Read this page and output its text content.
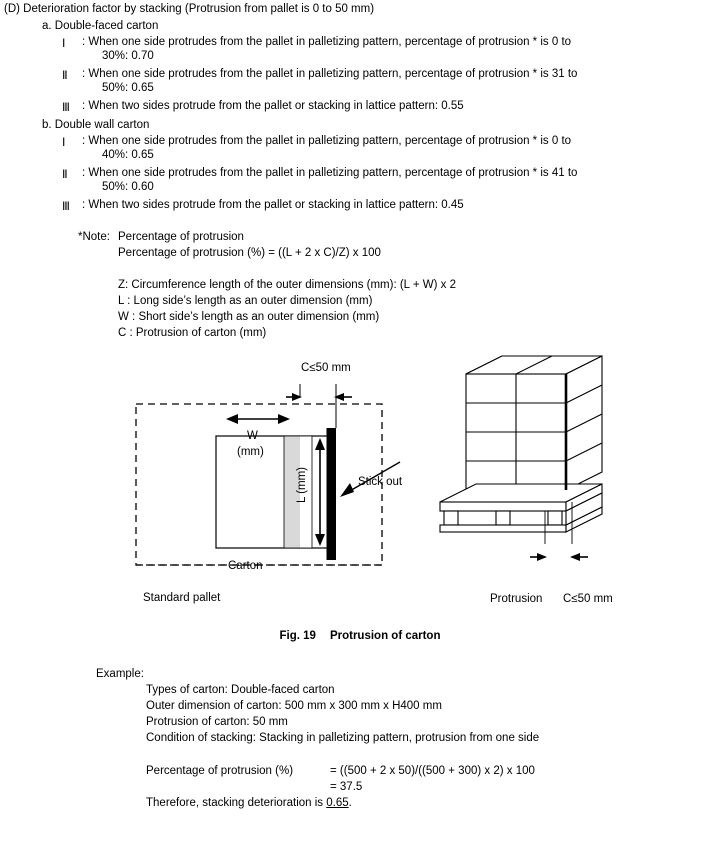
(D) Deterioration factor by stacking (Protrusion from pallet is 0 to 50 mm)
a. Double-faced carton
Ⅰ : When one side protrudes from the pallet in palletizing pattern, percentage of protrusion * is 0 to
30%: 0.70
Ⅱ : When one side protrudes from the pallet in palletizing pattern, percentage of protrusion * is 31 to
50%: 0.65
Ⅲ : When two sides protrude from the pallet or stacking in lattice pattern: 0.55
b. Double wall carton
Ⅰ : When one side protrudes from the pallet in palletizing pattern, percentage of protrusion * is 0 to
40%: 0.65
Ⅱ : When one side protrudes from the pallet in palletizing pattern, percentage of protrusion * is 41 to
50%: 0.60
Ⅲ : When two sides protrude from the pallet or stacking in lattice pattern: 0.45
*Note: Percentage of protrusion
Percentage of protrusion (%) = ((L + 2 x C)/Z) x 100
Z: Circumference length of the outer dimensions (mm): (L + W) x 2
L : Long side’s length as an outer dimension (mm)
W : Short side’s length as an outer dimension (mm)
C : Protrusion of carton (mm)
C≤50 mm
W
(mm)
L (mm)	Stick out
Carton
Standard pallet	Protrusion C≤50 mm
Fig. 19 Protrusion of carton
Example:
Types of carton: Double-faced carton
Outer dimension of carton: 500 mm x 300 mm x H400 mm
Protrusion of carton: 50 mm
Condition of stacking: Stacking in palletizing pattern, protrusion from one side
Percentage of protrusion (%)	= ((500 + 2 x 50)/((500 + 300) x 2) x 100
= 37.5
Therefore, stacking deterioration is 0.65.
